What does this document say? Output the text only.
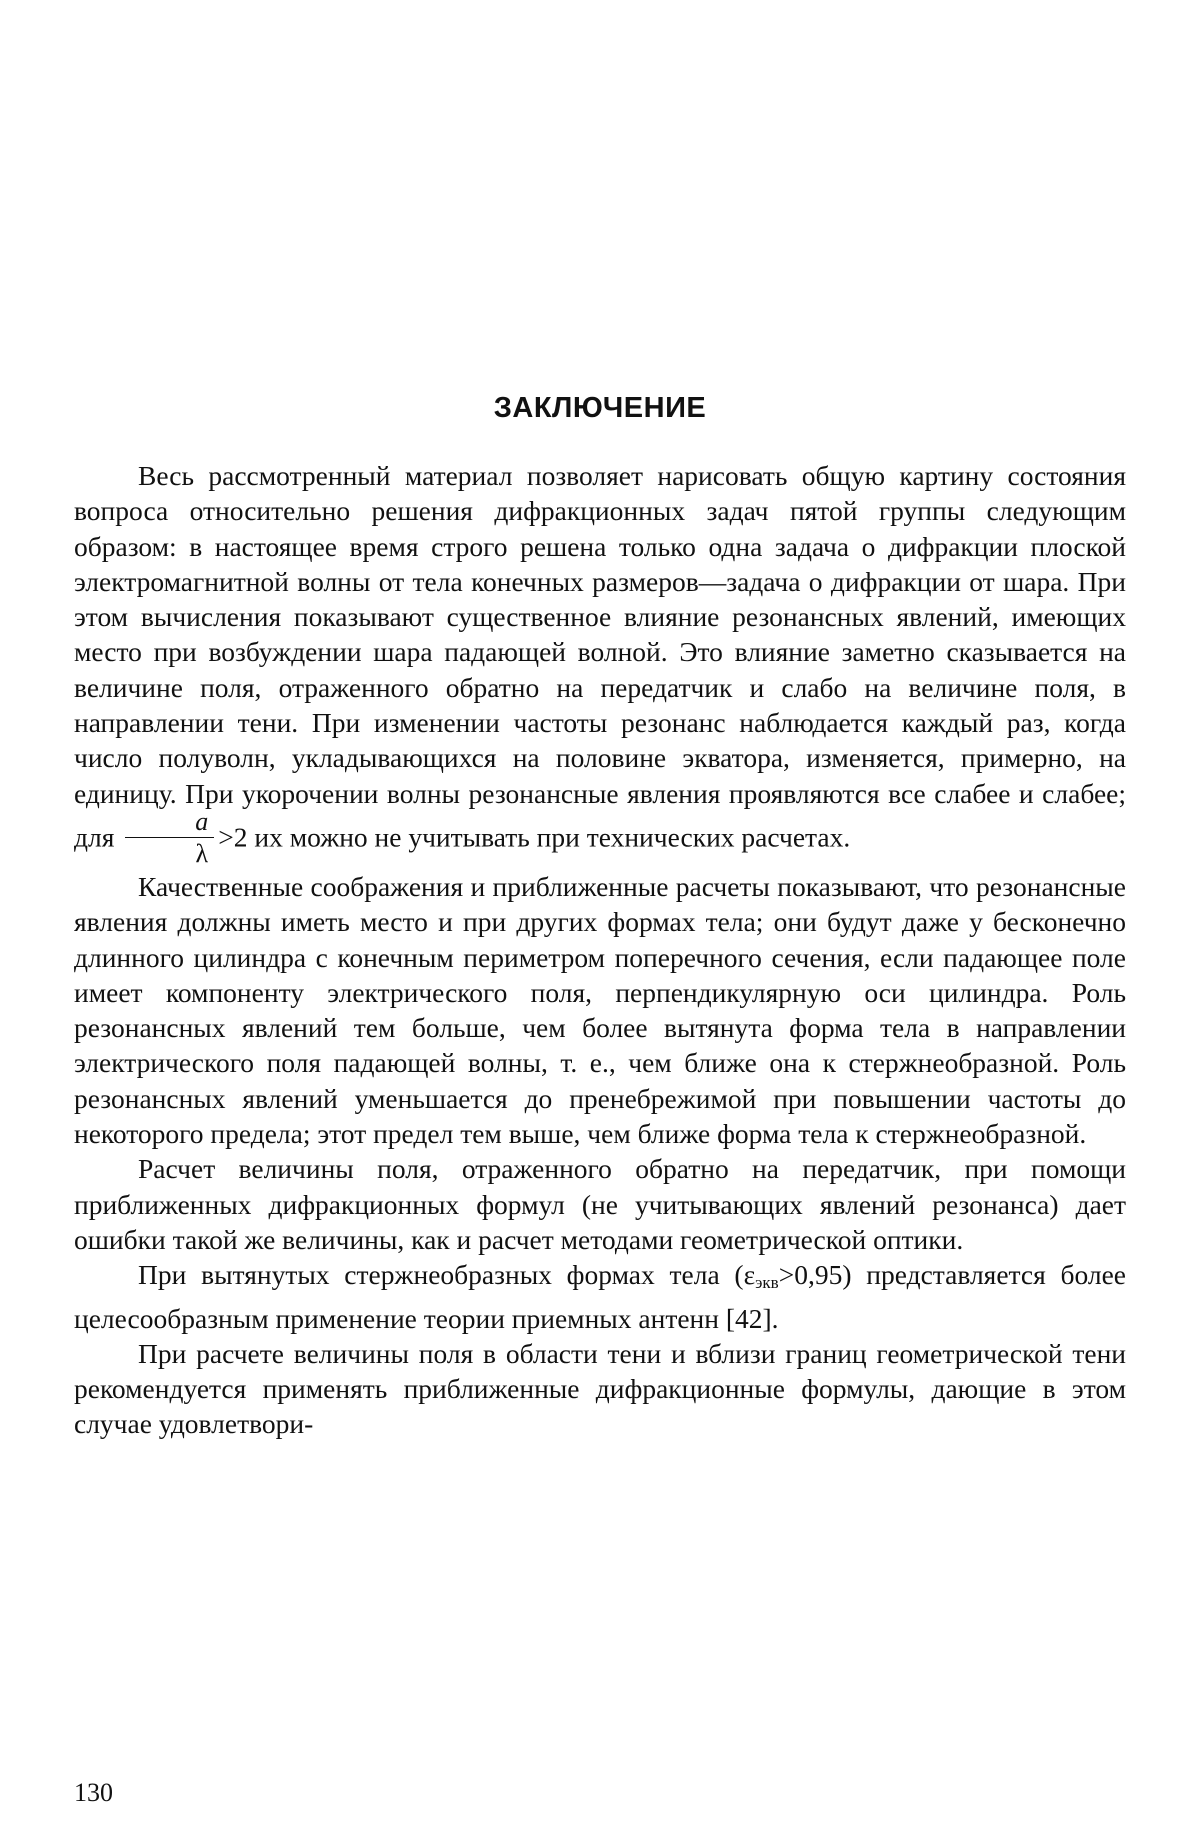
ЗАКЛЮЧЕНИЕ

Весь рассмотренный материал позволяет нарисовать общую картину состояния вопроса относительно решения дифракционных задач пятой группы следующим образом: в настоящее время строго решена только одна задача о дифракции плоской электромагнитной волны от тела конечных размеров—задача о дифракции от шара. При этом вычисления показывают существенное влияние резонансных явлений, имеющих место при возбуждении шара падающей волной. Это влияние заметно сказывается на величине поля, отраженного обратно на передатчик и слабо на величине поля, в направлении тени. При изменении частоты резонанс наблюдается каждый раз, когда число полуволн, укладывающихся на половине экватора, изменяется, примерно, на единицу. При укорочении волны резонансные явления проявляются все слабее и слабее; для $\frac{a}{\lambda} >2$ их можно не учитывать при технических расчетах.

Качественные соображения и приближенные расчеты показывают, что резонансные явления должны иметь место и при других формах тела; они будут даже у бесконечно длинного цилиндра с конечным периметром поперечного сечения, если падающее поле имеет компоненту электрического поля, перпендикулярную оси цилиндра. Роль резонансных явлений тем больше, чем более вытянута форма тела в направлении электрического поля падающей волны, т. е., чем ближе она к стержнеобразной. Роль резонансных явлений уменьшается до пренебрежимой при повышении частоты до некоторого предела; этот предел тем выше, чем ближе форма тела к стержнеобразной.

Расчет величины поля, отраженного обратно на передатчик, при помощи приближенных дифракционных формул (не учитывающих явлений резонанса) дает ошибки такой же величины, как и расчет методами геометрической оптики.

При вытянутых стержнеобразных формах тела $(\varepsilon_{экв}>0,95)$ представляется более целесообразным применение теории приемных антенн [42].

При расчете величины поля в области тени и вблизи границ геометрической тени рекомендуется применять приближенные дифракционные формулы, дающие в этом случае удовлетвори-

130
